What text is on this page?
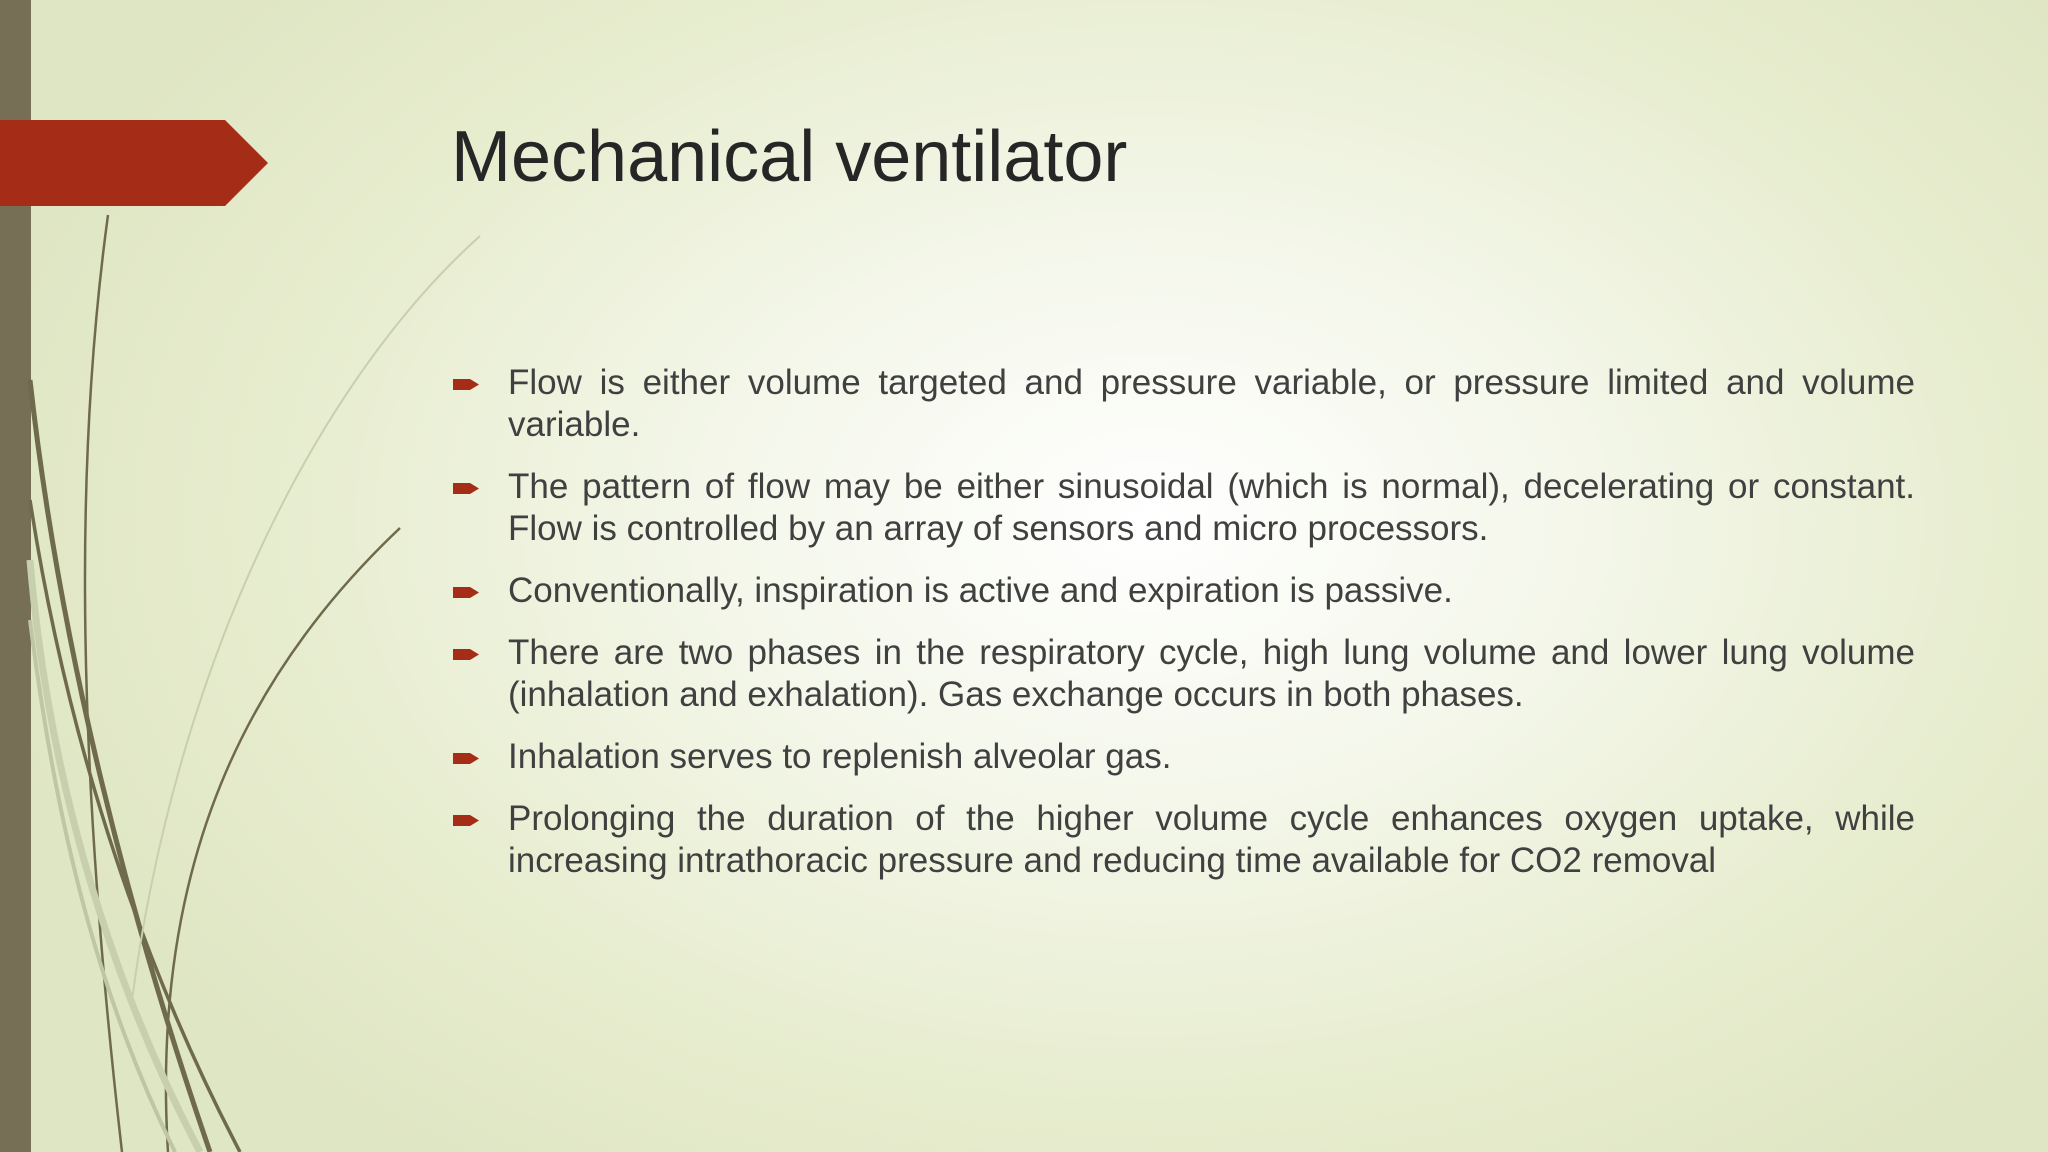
Mechanical ventilator
Flow is either volume targeted and pressure variable, or pressure limited and volume variable.
The pattern of flow may be either sinusoidal (which is normal), decelerating or constant. Flow is controlled by an array of sensors and micro processors.
Conventionally, inspiration is active and expiration is passive.
There are two phases in the respiratory cycle, high lung volume and lower lung volume (inhalation and exhalation). Gas exchange occurs in both phases.
Inhalation serves to replenish alveolar gas.
Prolonging the duration of the higher volume cycle enhances oxygen uptake, while increasing intrathoracic pressure and reducing time available for CO2 removal
